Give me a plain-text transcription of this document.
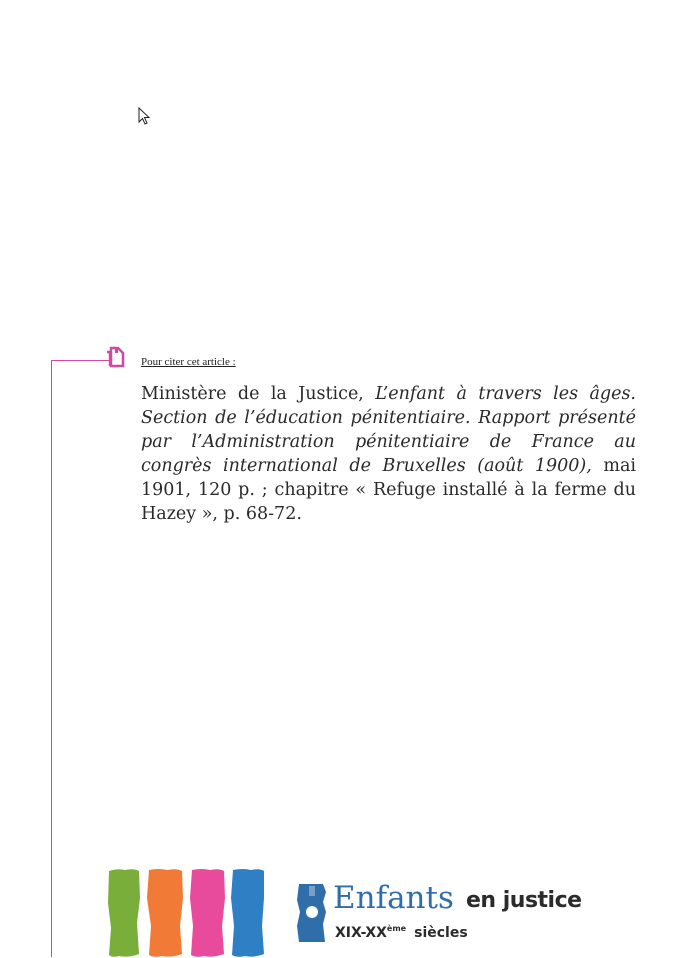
Pour citer cet article :
Ministère de la Justice, L’enfant à travers les âges. Section de l’éducation pénitentiaire. Rapport présenté par l’Administration pénitentiaire de France au congrès international de Bruxelles (août 1900), mai 1901, 120 p. ; chapitre « Refuge installé à la ferme du Hazey », p. 68-72.
Enfants en justice
XIX-XXème siècles
